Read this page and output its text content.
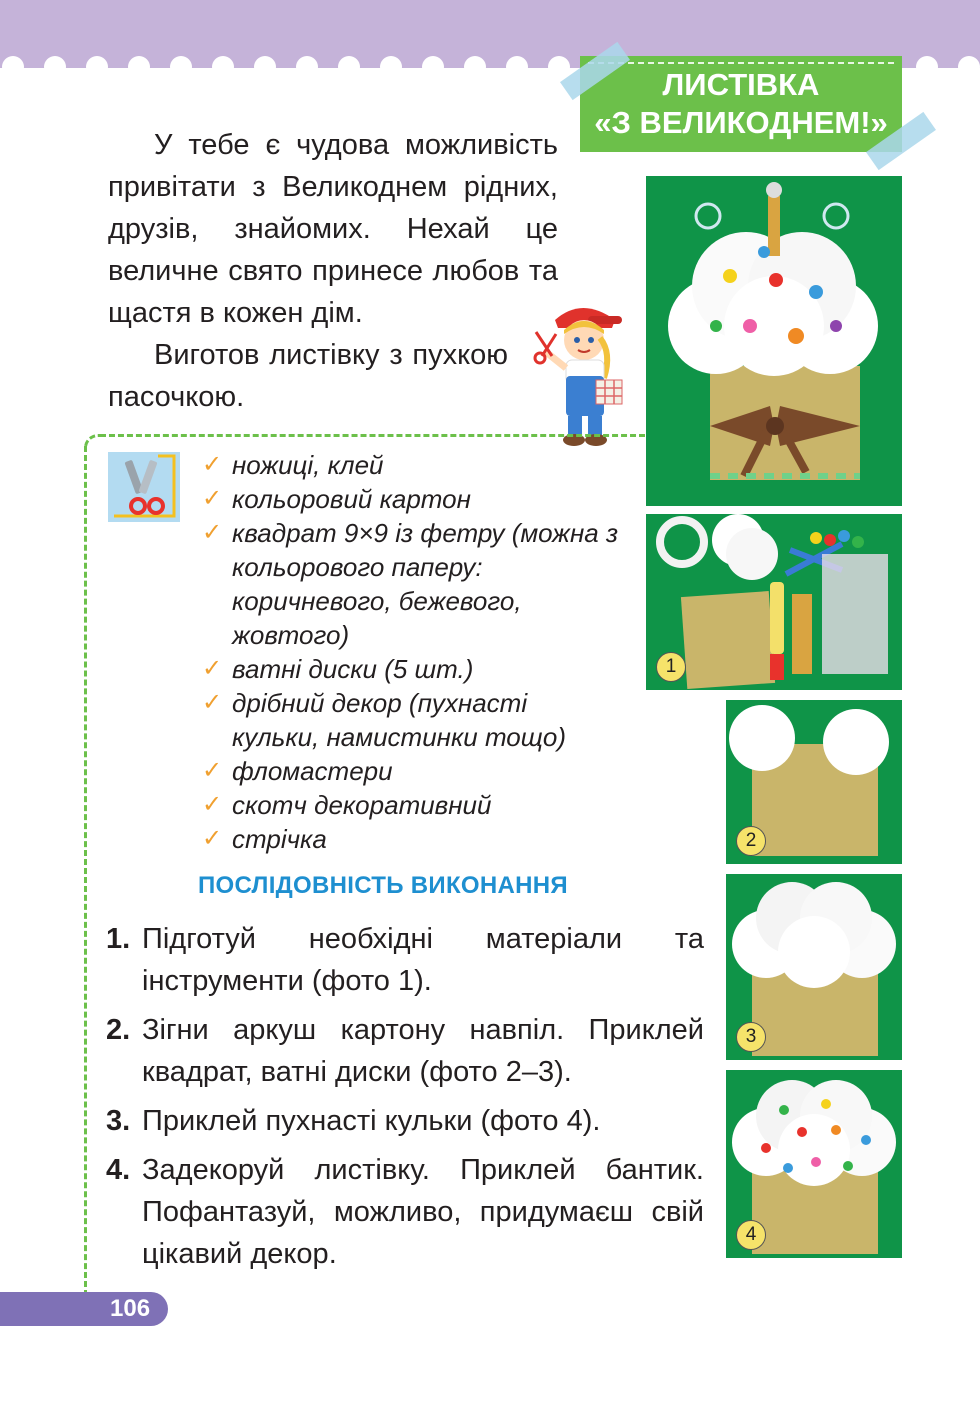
ЛИСТІВКА
«З ВЕЛИКОДНЕМ!»

У тебе є чудова можливість привітати з Великоднем рідних, друзів, знайомих. Нехай це величне свято принесе любов та щастя в кожен дім.

Виготов листівку з пухкою пасочкою.

✓ ножиці, клей
✓ кольоровий картон
✓ квадрат 9×9 із фетру (можна з кольорового паперу: коричневого, бежевого, жовтого)
✓ ватні диски (5 шт.)
✓ дрібний декор (пухнасті кульки, намистинки тощо)
✓ фломастери
✓ скотч декоративний
✓ стрічка
ПОСЛІДОВНІСТЬ ВИКОНАННЯ
1. Підготуй необхідні матеріали та інструменти (фото 1).
2. Зігни аркуш картону навпіл. Приклей квадрат, ватні диски (фото 2–3).
3. Приклей пухнасті кульки (фото 4).
4. Задекоруй листівку. Приклей бантик. Пофантазуй, можливо, придумаєш свій цікавий декор.
1
2
3
4
106
